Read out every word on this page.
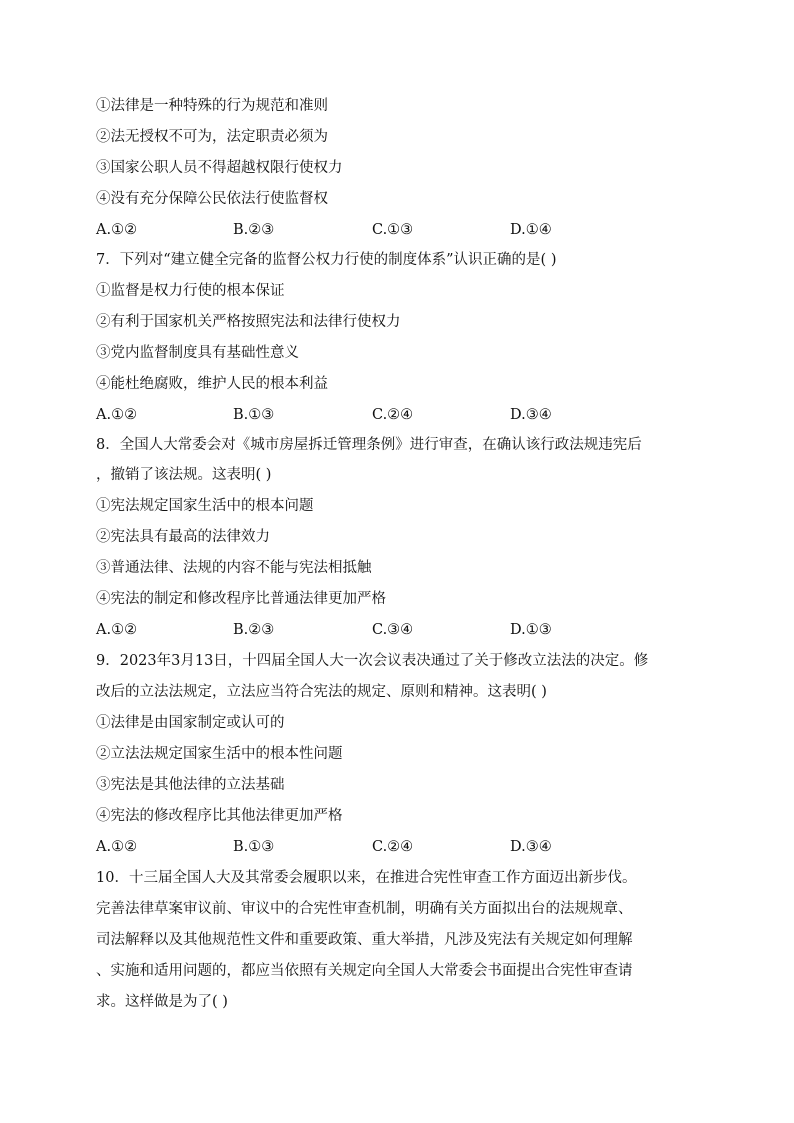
①法律是一种特殊的行为规范和准则
②法无授权不可为，法定职责必须为
③国家公职人员不得超越权限行使权力
④没有充分保障公民依法行使监督权
A.①②	B.②③	C.①③	D.①④
7．下列对“建立健全完备的监督公权力行使的制度体系”认识正确的是( )
①监督是权力行使的根本保证
②有利于国家机关严格按照宪法和法律行使权力
③党内监督制度具有基础性意义
④能杜绝腐败，维护人民的根本利益
A.①②	B.①③	C.②④	D.③④
8．全国人大常委会对《城市房屋拆迁管理条例》进行审查，在确认该行政法规违宪后
，撤销了该法规。这表明( )
①宪法规定国家生活中的根本问题
②宪法具有最高的法律效力
③普通法律、法规的内容不能与宪法相抵触
④宪法的制定和修改程序比普通法律更加严格
A.①②	B.②③	C.③④	D.①③
9．2023年3月13日，十四届全国人大一次会议表决通过了关于修改立法法的决定。修
改后的立法法规定，立法应当符合宪法的规定、原则和精神。这表明( )
①法律是由国家制定或认可的
②立法法规定国家生活中的根本性问题
③宪法是其他法律的立法基础
④宪法的修改程序比其他法律更加严格
A.①②	B.①③	C.②④	D.③④
10．十三届全国人大及其常委会履职以来，在推进合宪性审查工作方面迈出新步伐。
完善法律草案审议前、审议中的合宪性审查机制，明确有关方面拟出台的法规规章、
司法解释以及其他规范性文件和重要政策、重大举措，凡涉及宪法有关规定如何理解
、实施和适用问题的，都应当依照有关规定向全国人大常委会书面提出合宪性审查请
求。这样做是为了( )
